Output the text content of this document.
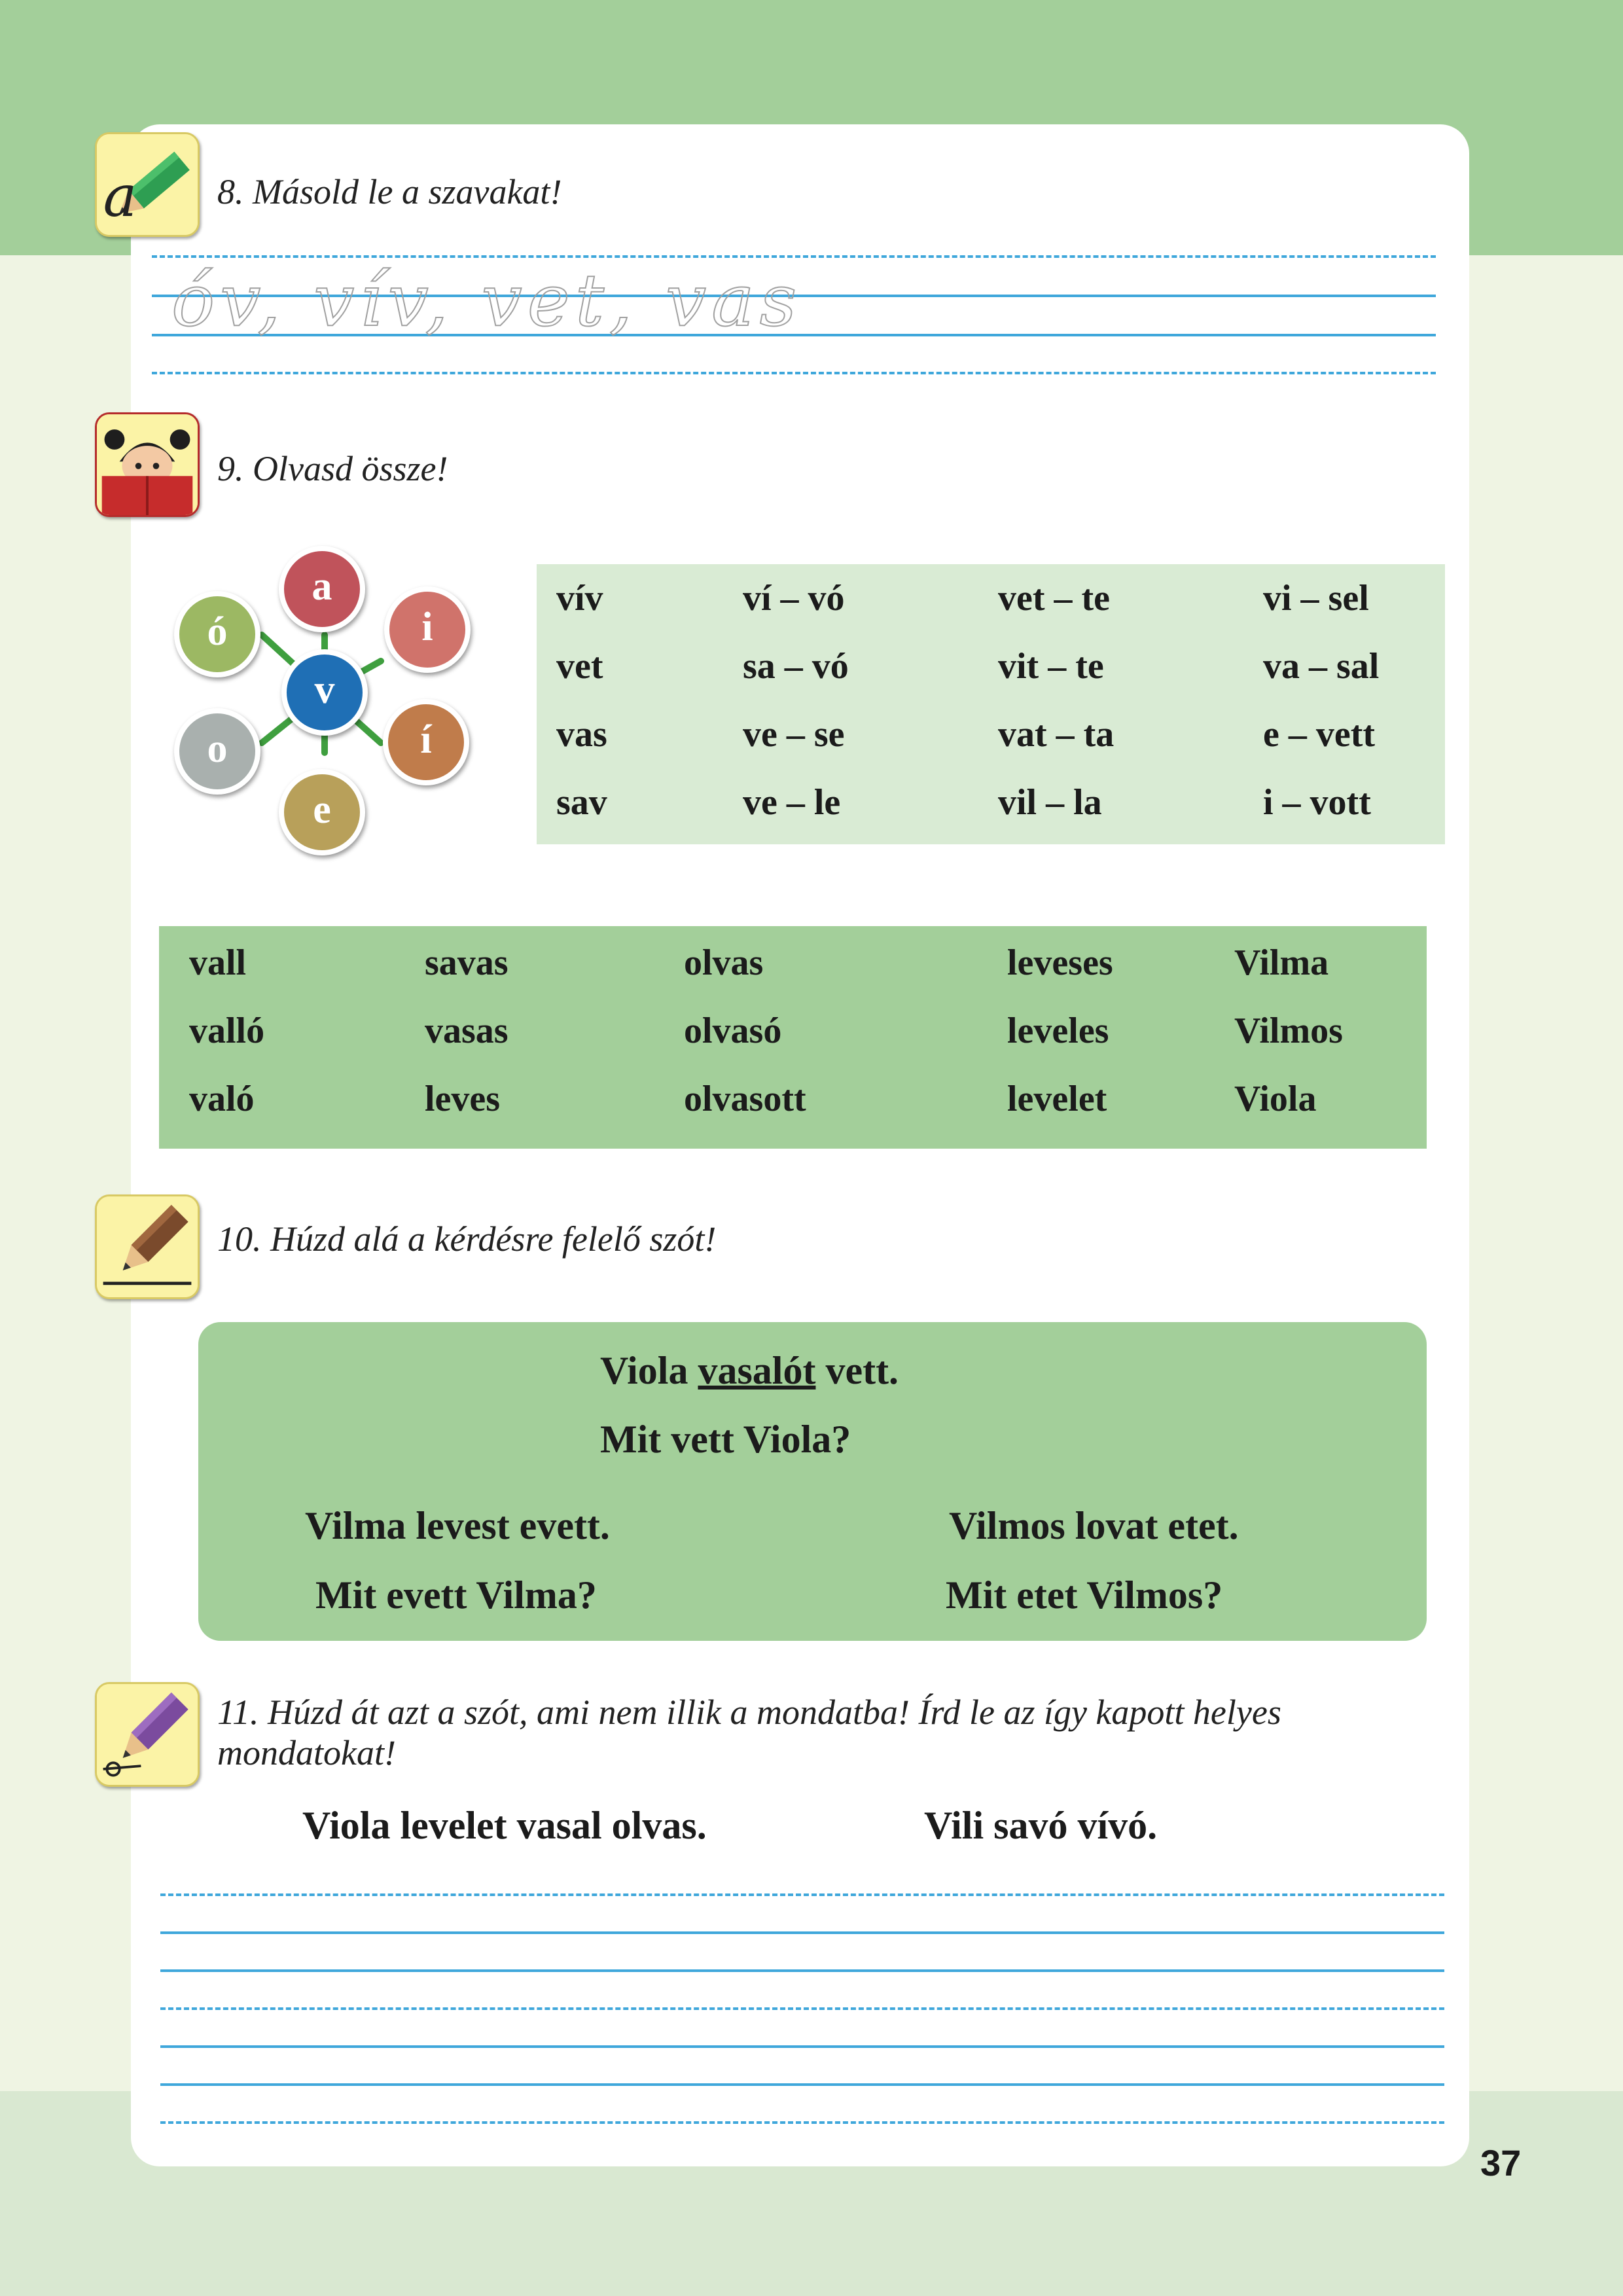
a 8. Másold le a szavakat!
óv, vív, vet, vas
9. Olvasd össze!
a
i
í
e
o
ó
v
vív	ví – vó	vet – te	vi – sel
vet	sa – vó	vit – te	va – sal
vas	ve – se	vat – ta	e – vett
sav	ve – le	vil – la	i – vott
vall	savas	olvas	leveses	Vilma
valló	vasas	olvasó	leveles	Vilmos
való	leves	olvasott	levelet	Viola
10. Húzd alá a kérdésre felelő szót!
Viola vasalót vett.
Mit vett Viola?
Vilma levest evett.
Mit evett Vilma?
Vilmos lovat etet.
Mit etet Vilmos?
11. Húzd át azt a szót, ami nem illik a mondatba! Írd le az így kapott helyes mondatokat!
Viola levelet vasal olvas.	Vili savó vívó.
37
